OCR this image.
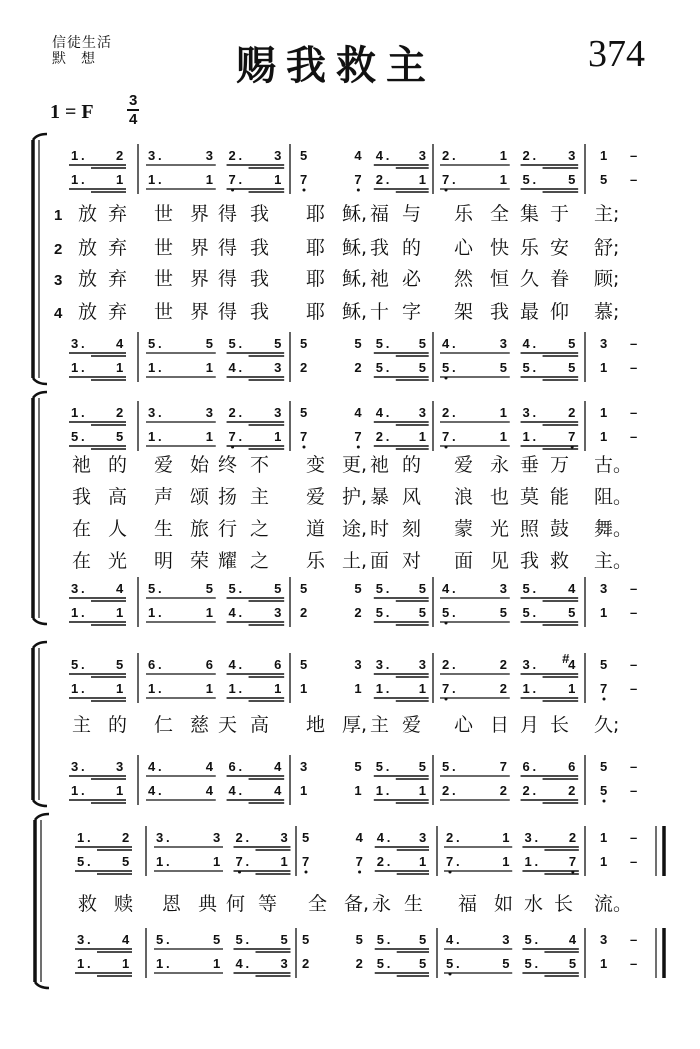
信徒生活
默想	赐我救主	374
1 = F
3
4
1 . 2 3 .	3 2 . 3 5	4 4 . 3 2 .	1 2 . 3 1 –
1 . 1 1 .	1 7 . 1 7	7 2 . 1 7 .	1 5 . 5 5 –
3 . 4 5 .	5 5 . 5 5	5 5 . 5 4 .	3 4 . 5 3 –
1 . 1 1 .	1 4 . 3 2	2 5 . 5 5 .	5 5 . 5 1 –
1 放 弃 世 界 得 我 耶 稣, 福 与 乐 全 集 于 主;
2 放 弃 世 界 得 我 耶 稣, 我 的 心 快 乐 安 舒;
3 放 弃 世 界 得 我 耶 稣, 祂 必 然 恒 久 眷 顾;
4 放 弃 世 界 得 我 耶 稣, 十 字 架 我 最 仰 慕;
1 . 2 3 .	3 2 . 3 5	4 4 . 3 2 .	1 3 . 2 1 –
5 . 5 1 .	1 7 . 1 7	7 2 . 1 7 .	1 1 . 7 1 –
3 . 4 5 .	5 5 . 5 5	5 5 . 5 4 .	3 5 . 4 3 –
1 . 1 1 .	1 4 . 3 2	2 5 . 5 5 .	5 5 . 5 1 –
祂 的 爱 始 终 不 变 更, 祂 的 爱 永 垂 万 古。
我 高 声 颂 扬 主 爱 护, 暴 风 浪 也 莫 能 阻。
在 人 生 旅 行 之 道 途, 时 刻 蒙 光 照 鼓 舞。
在 光 明 荣 耀 之 乐 土, 面 对 面 见 我 救 主。
5 . 5 6 .	6 4 . 6 5	3 3 . 3 2 .	2 3 . #
4 5 –
1 . 1 1 .	1 1 . 1 1	1 1 . 1 7 .	2 1 . 1 7 –
3 . 3 4 .	4 6 . 4 3	5 5 . 5 5 .	7 6 . 6 5 –
1 . 1 4 .	4 4 . 4 1	1 1 . 1 2 .	2 2 . 2 5 –
主 的 仁 慈 天 高 地 厚, 主 爱 心 日 月 长 久;
1 . 2 3 .	3 2 . 3 5	4 4 . 3 2 .	1 3 . 2 1 –
5 . 5 1 .	1 7 . 1 7	7 2 . 1 7 .	1 1 . 7 1 –
3 . 4 5 .	5 5 . 5 5	5 5 . 5 4 .	3 5 . 4 3 –
1 . 1 1 .	1 4 . 3 2	2 5 . 5 5 .	5 5 . 5 1 –
救 赎 恩 典 何 等 全 备, 永 生 福 如 水 长 流。
